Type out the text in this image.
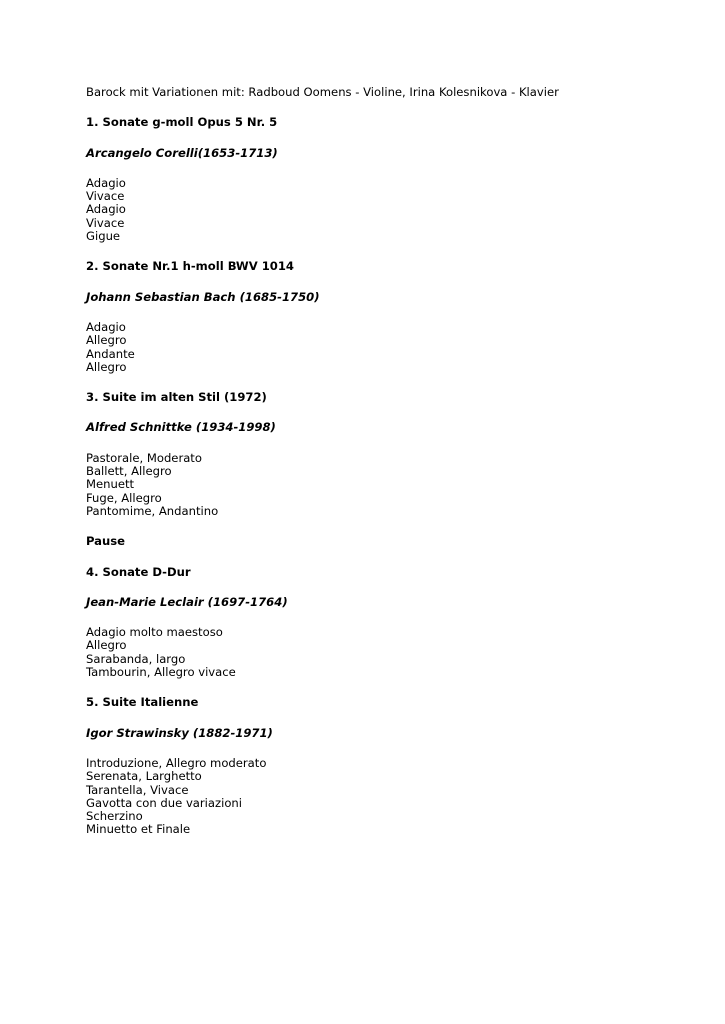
Barock mit Variationen mit: Radboud Oomens - Violine, Irina Kolesnikova - Klavier
1. Sonate g-moll Opus 5 Nr. 5
Arcangelo Corelli(1653-1713)
Adagio
Vivace
Adagio
Vivace
Gigue
2. Sonate Nr.1 h-moll BWV 1014
Johann Sebastian Bach (1685-1750)
Adagio
Allegro
Andante
Allegro
3. Suite im alten Stil (1972)
Alfred Schnittke (1934-1998)
Pastorale, Moderato
Ballett, Allegro
Menuett
Fuge, Allegro
Pantomime, Andantino
Pause
4. Sonate D-Dur
Jean-Marie Leclair (1697-1764)
Adagio molto maestoso
Allegro
Sarabanda, largo
Tambourin, Allegro vivace
5. Suite Italienne
Igor Strawinsky (1882-1971)
Introduzione, Allegro moderato
Serenata, Larghetto
Tarantella, Vivace
Gavotta con due variazioni
Scherzino
Minuetto et Finale
